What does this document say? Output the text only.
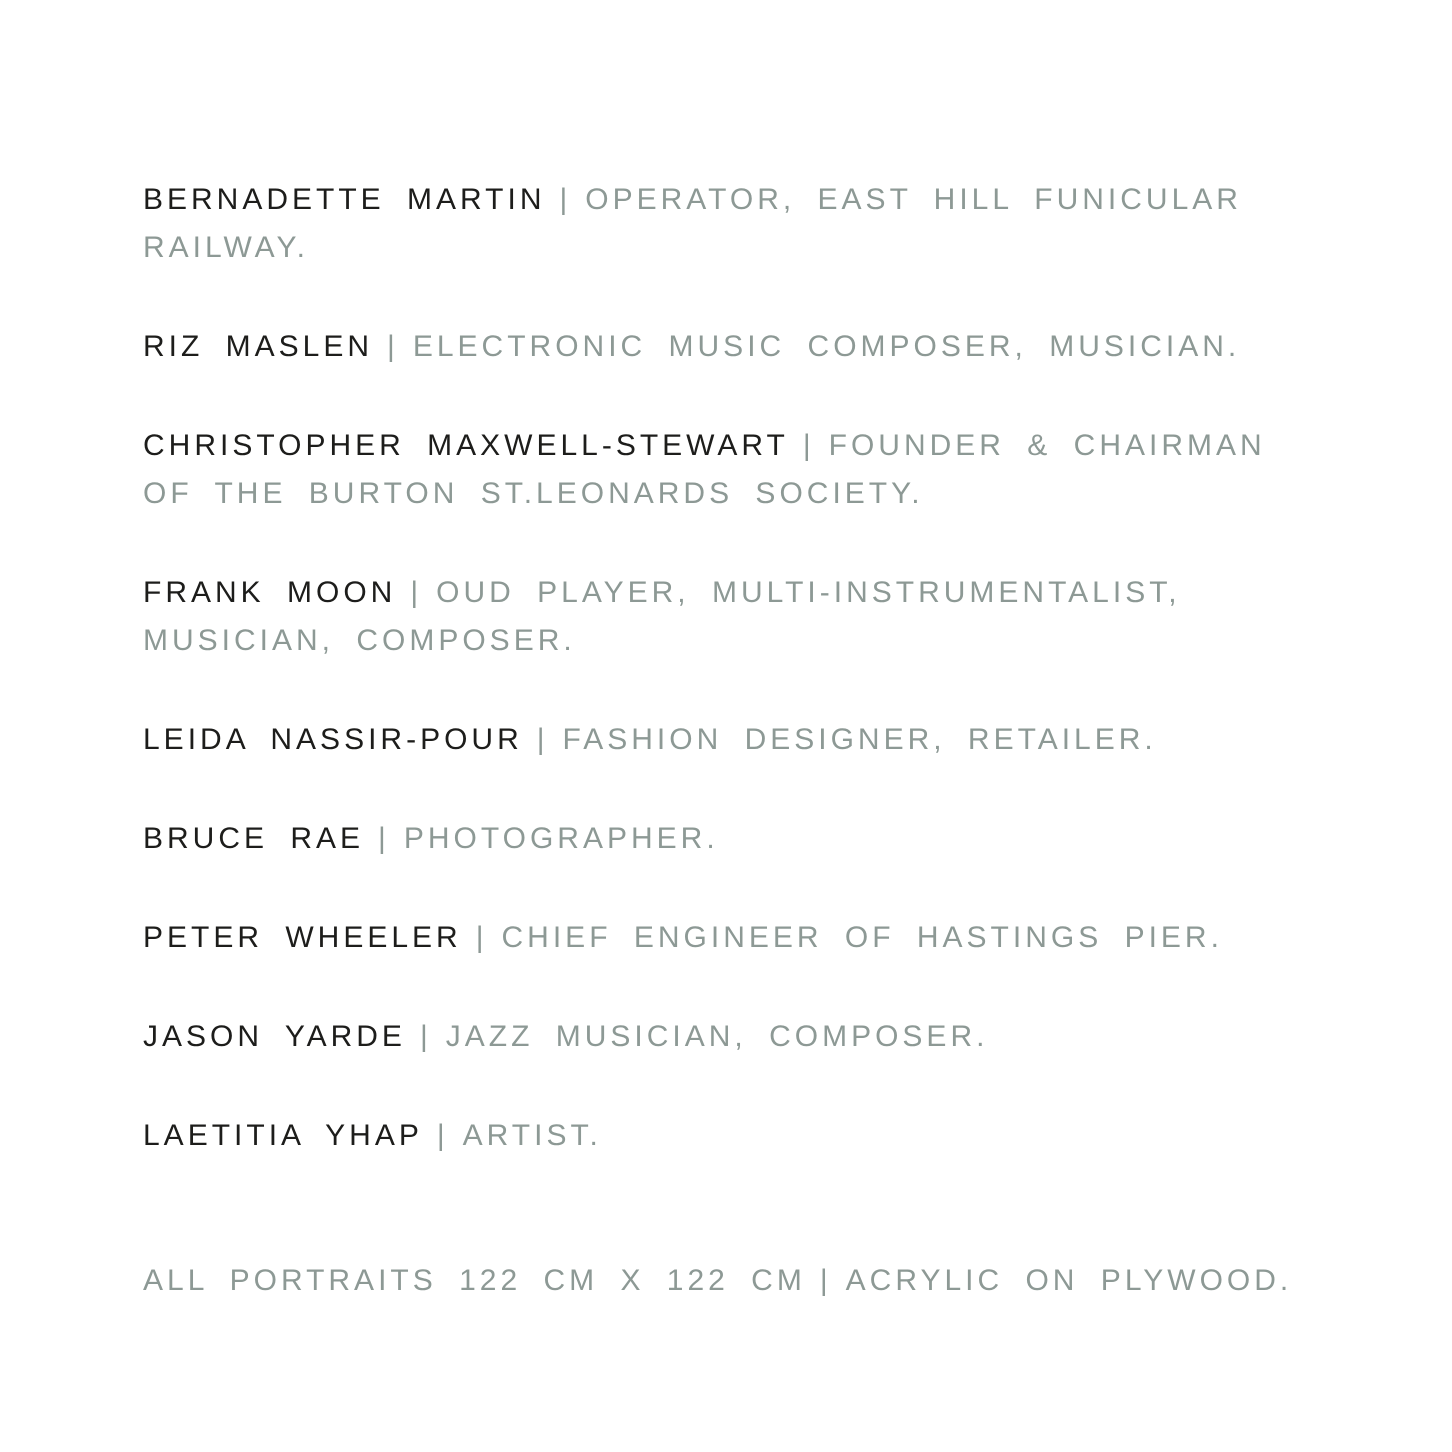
BERNADETTE MARTIN | OPERATOR, EAST HILL FUNICULAR RAILWAY.

RIZ MASLEN | ELECTRONIC MUSIC COMPOSER, MUSICIAN.

CHRISTOPHER MAXWELL-STEWART | FOUNDER & CHAIRMAN OF THE BURTON ST.LEONARDS SOCIETY.

FRANK MOON | OUD PLAYER, MULTI-INSTRUMENTALIST, MUSICIAN, COMPOSER.

LEIDA NASSIR-POUR | FASHION DESIGNER, RETAILER.

BRUCE RAE | PHOTOGRAPHER.

PETER WHEELER | CHIEF ENGINEER OF HASTINGS PIER.

JASON YARDE | JAZZ MUSICIAN, COMPOSER.

LAETITIA YHAP | ARTIST.

ALL PORTRAITS 122 CM X 122 CM | ACRYLIC ON PLYWOOD.
